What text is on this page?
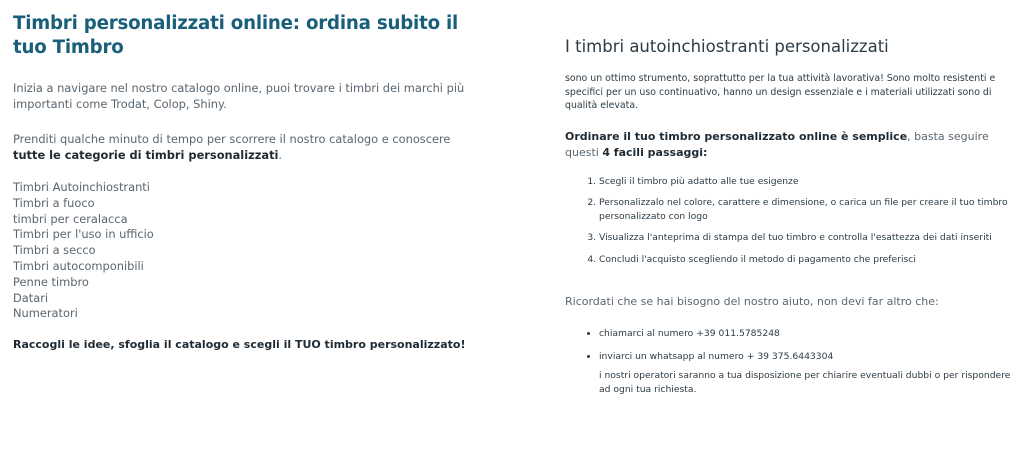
Timbri personalizzati online: ordina subito il tuo Timbro

Inizia a navigare nel nostro catalogo online, puoi trovare i timbri dei marchi più importanti come Trodat, Colop, Shiny.

Prenditi qualche minuto di tempo per scorrere il nostro catalogo e conoscere tutte le categorie di timbri personalizzati.

Timbri Autoinchiostranti
Timbri a fuoco
timbri per ceralacca
Timbri per l'uso in ufficio
Timbri a secco
Timbri autocomponibili
Penne timbro
Datari
Numeratori

Raccogli le idee, sfoglia il catalogo e scegli il TUO timbro personalizzato!

I timbri autoinchiostranti personalizzati

sono un ottimo strumento, soprattutto per la tua attività lavorativa! Sono molto resistenti e specifici per un uso continuativo, hanno un design essenziale e i materiali utilizzati sono di qualità elevata.

Ordinare il tuo timbro personalizzato online è semplice, basta seguire questi 4 facili passaggi:

1. Scegli il timbro più adatto alle tue esigenze
2. Personalizzalo nel colore, carattere e dimensione, o carica un file per creare il tuo timbro personalizzato con logo
3. Visualizza l'anteprima di stampa del tuo timbro e controlla l'esattezza dei dati inseriti
4. Concludi l'acquisto scegliendo il metodo di pagamento che preferisci

Ricordati che se hai bisogno del nostro aiuto, non devi far altro che:

• chiamarci al numero +39 011.5785248
• inviarci un whatsapp al numero + 39 375.6443304
i nostri operatori saranno a tua disposizione per chiarire eventuali dubbi o per rispondere ad ogni tua richiesta.
